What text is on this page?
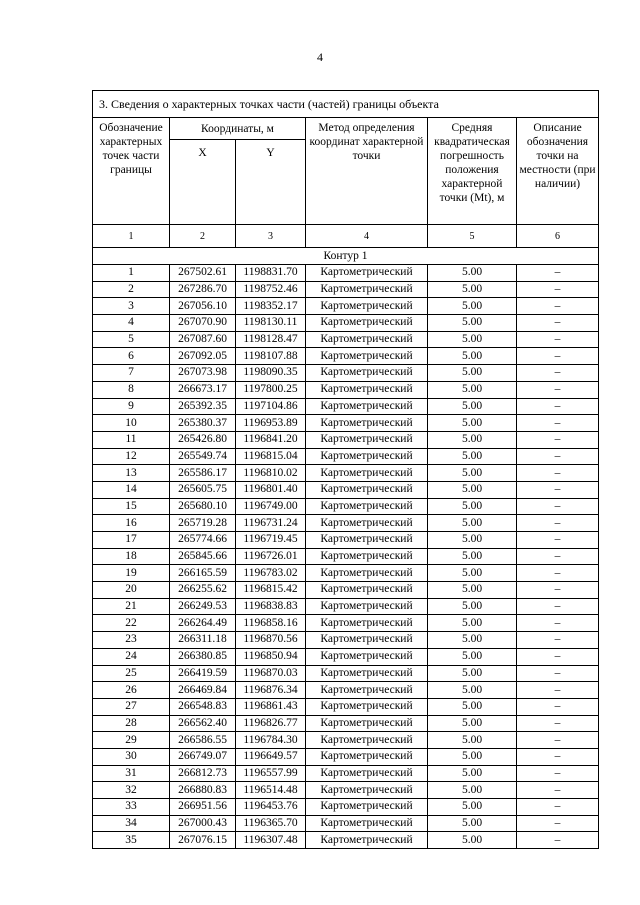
4
3. Сведения о характерных точках части (частей) границы объекта					
Обозначение характерных точек части границы	Координаты, м		Метод определения координат характерной точки	Средняя квадратическая погрешность положения характерной точки (Mt), м	Описание обозначения точки на местности (при наличии)
	X	Y			
1	2	3	4	5	6
Контур 1					
1	267502.61	1198831.70	Картометрический	5.00	–
2	267286.70	1198752.46	Картометрический	5.00	–
3	267056.10	1198352.17	Картометрический	5.00	–
4	267070.90	1198130.11	Картометрический	5.00	–
5	267087.60	1198128.47	Картометрический	5.00	–
6	267092.05	1198107.88	Картометрический	5.00	–
7	267073.98	1198090.35	Картометрический	5.00	–
8	266673.17	1197800.25	Картометрический	5.00	–
9	265392.35	1197104.86	Картометрический	5.00	–
10	265380.37	1196953.89	Картометрический	5.00	–
11	265426.80	1196841.20	Картометрический	5.00	–
12	265549.74	1196815.04	Картометрический	5.00	–
13	265586.17	1196810.02	Картометрический	5.00	–
14	265605.75	1196801.40	Картометрический	5.00	–
15	265680.10	1196749.00	Картометрический	5.00	–
16	265719.28	1196731.24	Картометрический	5.00	–
17	265774.66	1196719.45	Картометрический	5.00	–
18	265845.66	1196726.01	Картометрический	5.00	–
19	266165.59	1196783.02	Картометрический	5.00	–
20	266255.62	1196815.42	Картометрический	5.00	–
21	266249.53	1196838.83	Картометрический	5.00	–
22	266264.49	1196858.16	Картометрический	5.00	–
23	266311.18	1196870.56	Картометрический	5.00	–
24	266380.85	1196850.94	Картометрический	5.00	–
25	266419.59	1196870.03	Картометрический	5.00	–
26	266469.84	1196876.34	Картометрический	5.00	–
27	266548.83	1196861.43	Картометрический	5.00	–
28	266562.40	1196826.77	Картометрический	5.00	–
29	266586.55	1196784.30	Картометрический	5.00	–
30	266749.07	1196649.57	Картометрический	5.00	–
31	266812.73	1196557.99	Картометрический	5.00	–
32	266880.83	1196514.48	Картометрический	5.00	–
33	266951.56	1196453.76	Картометрический	5.00	–
34	267000.43	1196365.70	Картометрический	5.00	–
35	267076.15	1196307.48	Картометрический	5.00	–
